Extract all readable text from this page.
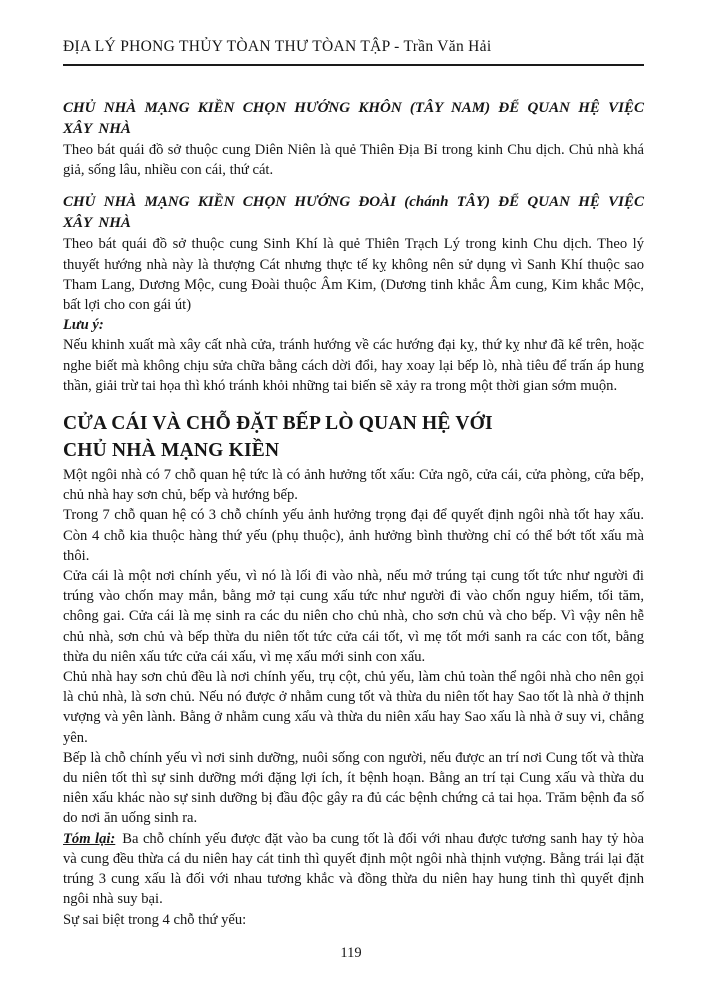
ĐỊA LÝ PHONG THỦY TÒAN THƯ TÒAN TẬP - Trần Văn Hải
CHỦ NHÀ MẠNG KIỀN CHỌN HƯỚNG KHÔN (TÂY NAM) ĐỂ QUAN HỆ VIỆC XÂY NHÀ

Theo bát quái đồ sở thuộc cung Diên Niên là quẻ Thiên Địa Bỉ trong kinh Chu dịch. Chủ nhà khá giả, sống lâu, nhiều con cái, thứ cát.

CHỦ NHÀ MẠNG KIỀN CHỌN HƯỚNG ĐOÀI (chánh TÂY) ĐỂ QUAN HỆ VIỆC XÂY NHÀ

Theo bát quái đồ sở thuộc cung Sinh Khí là quẻ Thiên Trạch Lý trong kinh Chu dịch. Theo lý thuyết hướng nhà này là thượng Cát nhưng thực tế kỵ không nên sử dụng vì Sanh Khí thuộc sao Tham Lang, Dương Mộc, cung Đoài thuộc Âm Kim, (Dương tinh khắc Âm cung, Kim khắc Mộc, bất lợi cho con gái út)

Lưu ý:

Nếu khinh xuất mà xây cất nhà cửa, tránh hướng về các hướng đại kỵ, thứ kỵ như đã kể trên, hoặc nghe biết mà không chịu sửa chữa bằng cách dời đổi, hay xoay lại bếp lò, nhà tiêu để trấn áp hung thần, giải trừ tai họa thì khó tránh khỏi những tai biến sẽ xảy ra trong một thời gian sớm muộn.

CỬA CÁI VÀ CHỖ ĐẶT BẾP LÒ QUAN HỆ VỚI
CHỦ NHÀ MẠNG KIỀN

Một ngôi nhà có 7 chỗ quan hệ tức là có ảnh hưởng tốt xấu: Cửa ngõ, cửa cái, cửa phòng, cửa bếp, chủ nhà hay sơn chủ, bếp và hướng bếp.

Trong 7 chỗ quan hệ có 3 chỗ chính yếu ảnh hưởng trọng đại để quyết định ngôi nhà tốt hay xấu. Còn 4 chỗ kia thuộc hàng thứ yếu (phụ thuộc), ảnh hưởng bình thường chỉ có thể bớt tốt xấu mà thôi.

Cửa cái là một nơi chính yếu, vì nó là lối đi vào nhà, nếu mở trúng tại cung tốt tức như người đi trúng vào chốn may mắn, bằng mở tại cung xấu tức như người đi vào chốn nguy hiểm, tối tăm, chông gai. Cửa cái là mẹ sinh ra các du niên cho chủ nhà, cho sơn chủ và cho bếp. Vì vậy nên hễ chủ nhà, sơn chủ và bếp thừa du niên tốt tức cửa cái tốt, vì mẹ tốt mới sanh ra các con tốt, bằng thừa du niên xấu tức cửa cái xấu, vì mẹ xấu mới sinh con xấu.

Chủ nhà hay sơn chủ đều là nơi chính yếu, trụ cột, chủ yếu, làm chủ toàn thể ngôi nhà cho nên gọi là chủ nhà, là sơn chủ. Nếu nó được ở nhằm cung tốt và thừa du niên tốt hay Sao tốt là nhà ở thịnh vượng và yên lành. Bằng ở nhằm cung xấu và thừa du niên xấu hay Sao xấu là nhà ở suy vi, chẳng yên.

Bếp là chỗ chính yếu vì nơi sinh dưỡng, nuôi sống con người, nếu được an trí nơi Cung tốt và thừa du niên tốt thì sự sinh dưỡng mới đặng lợi ích, ít bệnh hoạn. Bằng an trí tại Cung xấu và thừa du niên xấu khác nào sự sinh dưỡng bị đầu độc gây ra đủ các bệnh chứng cả tai họa. Trăm bệnh đa số do nơi ăn uống sinh ra.

Tóm lại: Ba chỗ chính yếu được đặt vào ba cung tốt là đối với nhau được tương sanh hay tỷ hòa và cung đều thừa cá du niên hay cát tinh thì quyết định một ngôi nhà thịnh vượng. Bằng trái lại đặt trúng 3 cung xấu là đối với nhau tương khắc và đồng thừa du niên hay hung tinh thì quyết định ngôi nhà suy bại.

Sự sai biệt trong 4 chỗ thứ yếu:

119
